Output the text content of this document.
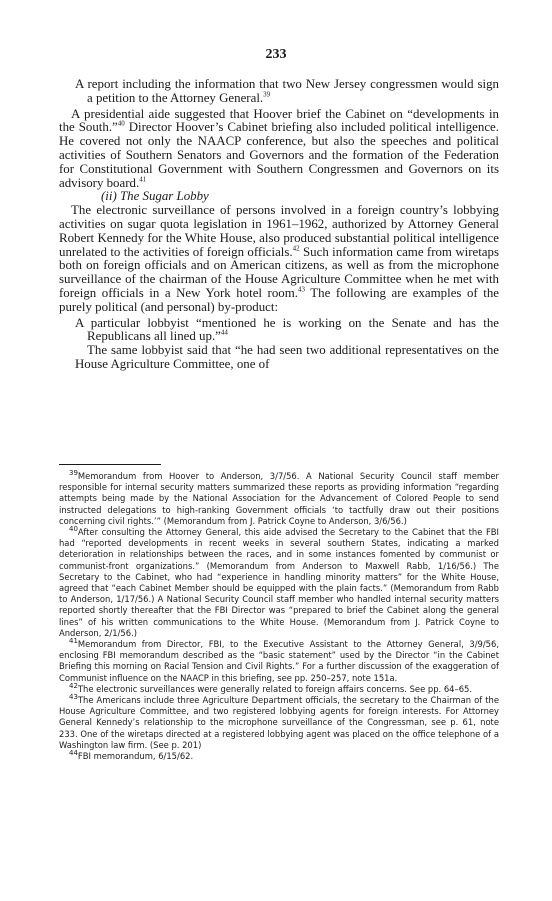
233

A report including the information that two New Jersey congressmen would sign a petition to the Attorney General.$^{39}$

A presidential aide suggested that Hoover brief the Cabinet on “developments in the South.”$^{40}$ Director Hoover’s Cabinet briefing also included political intelligence. He covered not only the NAACP conference, but also the speeches and political activities of Southern Senators and Governors and the formation of the Federation for Constitutional Government with Southern Congressmen and Governors on its advisory board.$^{41}$

(ii) The Sugar Lobby

The electronic surveillance of persons involved in a foreign country’s lobbying activities on sugar quota legislation in 1961–1962, authorized by Attorney General Robert Kennedy for the White House, also produced substantial political intelligence unrelated to the activities of foreign officials.$^{42}$ Such information came from wiretaps both on foreign officials and on American citizens, as well as from the microphone surveillance of the chairman of the House Agriculture Committee when he met with foreign officials in a New York hotel room.$^{43}$ The following are examples of the purely political (and personal) by-product:

A particular lobbyist “mentioned he is working on the Senate and has the Republicans all lined up.”$^{44}$

The same lobbyist said that “he had seen two additional representatives on the House Agriculture Committee, one of

$^{39}$Memorandum from Hoover to Anderson, 3/7/56. A National Security Council staff member responsible for internal security matters summarized these reports as providing information “regarding attempts being made by the National Association for the Advancement of Colored People to send instructed delegations to high-ranking Government officials ‘to tactfully draw out their positions concerning civil rights.’” (Memorandum from J. Patrick Coyne to Anderson, 3/6/56.)

$^{40}$After consulting the Attorney General, this aide advised the Secretary to the Cabinet that the FBI had “reported developments in recent weeks in several southern States, indicating a marked deterioration in relationships between the races, and in some instances fomented by communist or communist-front organizations.” (Memorandum from Anderson to Maxwell Rabb, 1/16/56.) The Secretary to the Cabinet, who had “experience in handling minority matters” for the White House, agreed that “each Cabinet Member should be equipped with the plain facts.” (Memorandum from Rabb to Anderson, 1/17/56.) A National Security Council staff member who handled internal security matters reported shortly thereafter that the FBI Director was “prepared to brief the Cabinet along the general lines” of his written communications to the White House. (Memorandum from J. Patrick Coyne to Anderson, 2/1/56.)

$^{41}$Memorandum from Director, FBI, to the Executive Assistant to the Attorney General, 3/9/56, enclosing FBI memorandum described as the “basic statement” used by the Director “in the Cabinet Briefing this morning on Racial Tension and Civil Rights.” For a further discussion of the exaggeration of Communist influence on the NAACP in this briefing, see pp. 250–257, note 151a.

$^{42}$The electronic surveillances were generally related to foreign affairs concerns. See pp. 64–65.

$^{43}$The Americans include three Agriculture Department officials, the secretary to the Chairman of the House Agriculture Committee, and two registered lobbying agents for foreign interests. For Attorney General Kennedy’s relationship to the microphone surveillance of the Congressman, see p. 61, note 233. One of the wiretaps directed at a registered lobbying agent was placed on the office telephone of a Washington law firm. (See p. 201)

$^{44}$FBI memorandum, 6/15/62.
